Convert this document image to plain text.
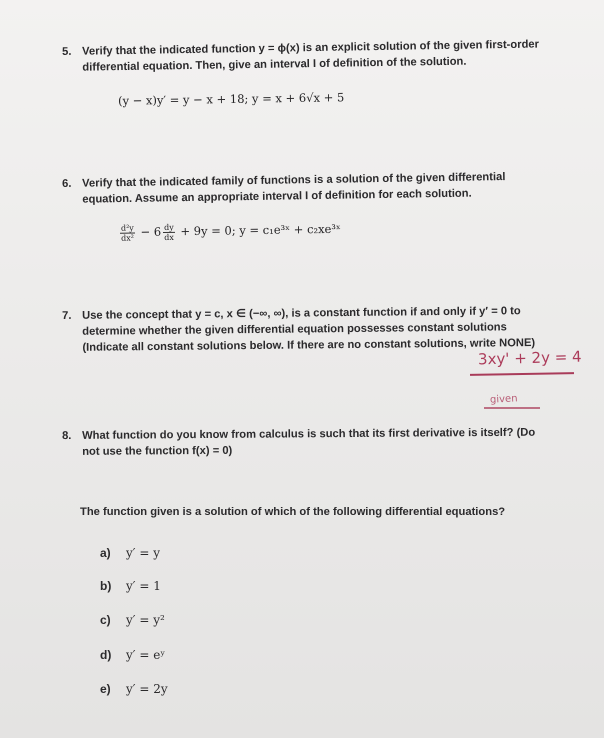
5. Verify that the indicated function y = ϕ(x) is an explicit solution of the given first-order differential equation. Then, give an interval I of definition of the solution.
(y − x)y′ = y − x + 18; y = x + 6√x + 5
6. Verify that the indicated family of functions is a solution of the given differential equation. Assume an appropriate interval I of definition for each solution.
$\frac{\text{d²y}}{\text{dx²}} - 6 \frac{dy}{dx} + 9y = 0$; y = c₁e³ˣ + c₂xe³ˣ
7. Use the concept that y = c, x ∈ (−∞, ∞), is a constant function if and only if y′ = 0 to determine whether the given differential equation possesses constant solutions (Indicate all constant solutions below. If there are no constant solutions, write NONE)
3xy' + 2y = 4
given
8. What function do you know from calculus is such that its first derivative is itself? (Do not use the function f(x) = 0)
The function given is a solution of which of the following differential equations?
a) y′ = y
b) y′ = 1
c) y′ = y²
d) y′ = eʸ
e) y′ = 2y
